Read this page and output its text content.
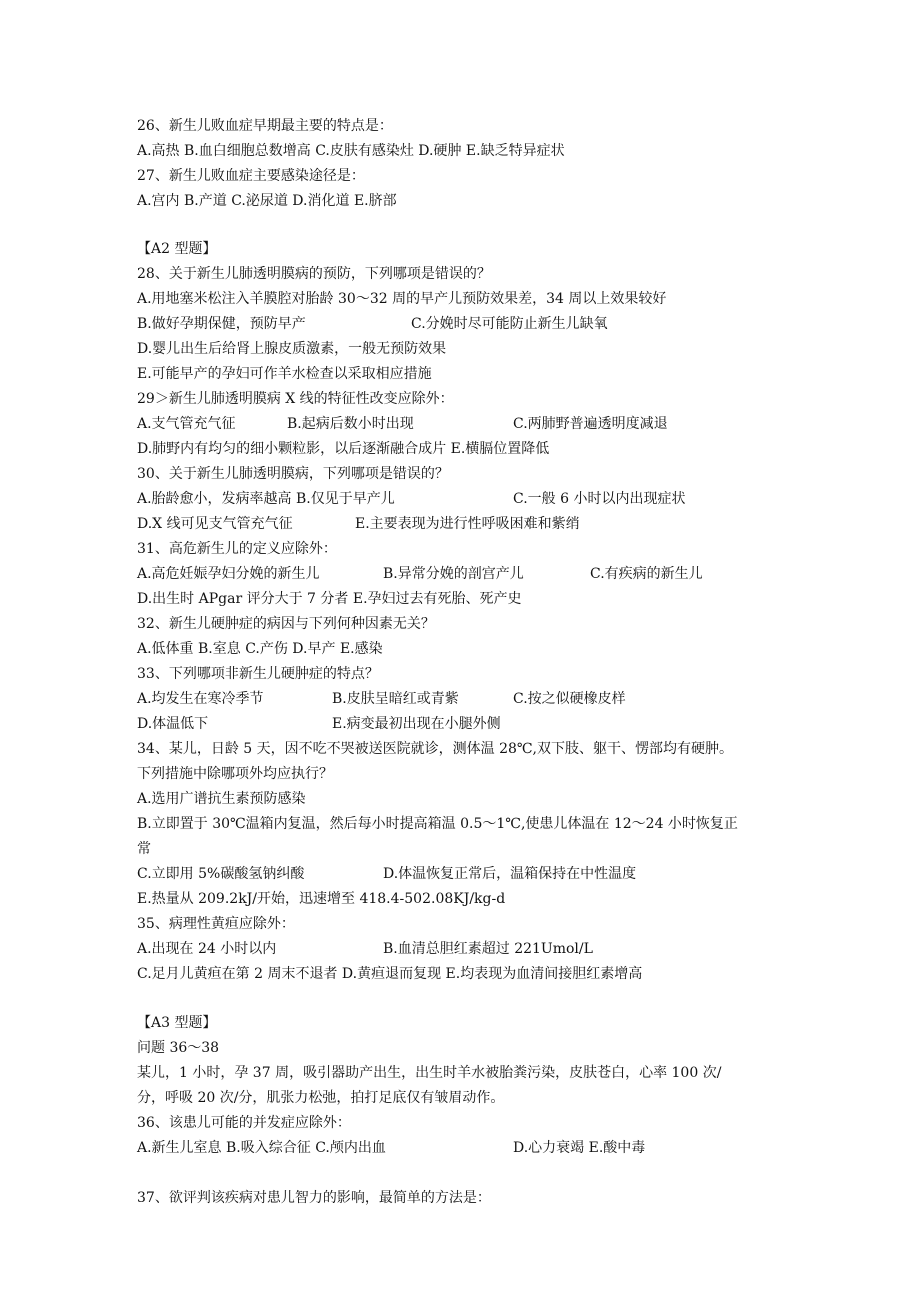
26、新生儿败血症早期最主要的特点是：
A.高热 B.血白细胞总数增高 C.皮肤有感染灶 D.硬肿 E.缺乏特异症状
27、新生儿败血症主要感染途径是：
A.宫内 B.产道 C.泌尿道 D.消化道 E.脐部
【A2 型题】
28、关于新生儿肺透明膜病的预防，下列哪项是错误的？
A.用地塞米松注入羊膜腔对胎龄 30～32 周的早产儿预防效果差，34 周以上效果较好
B.做好孕期保健，预防早产	C.分娩时尽可能防止新生儿缺氧
D.婴儿出生后给肾上腺皮质激素，一般无预防效果
E.可能早产的孕妇可作羊水检查以采取相应措施
29＞新生儿肺透明膜病 X 线的特征性改变应除外：
A.支气管充气征	B.起病后数小时出现	C.两肺野普遍透明度减退
D.肺野内有均匀的细小颗粒影，以后逐渐融合成片 E.横膈位置降低
30、关于新生儿肺透明膜病，下列哪项是错误的？
A.胎龄愈小，发病率越高 B.仅见于早产儿	C.一般 6 小时以内出现症状
D.X 线可见支气管充气征	E.主要表现为进行性呼吸困难和紫绡
31、高危新生儿的定义应除外：
A.高危妊娠孕妇分娩的新生儿	B.异常分娩的剖宫产儿	C.有疾病的新生儿
D.出生时 APgar 评分大于 7 分者 E.孕妇过去有死胎、死产史
32、新生儿硬肿症的病因与下列何种因素无关？
A.低体重 B.室息 C.产伤 D.早产 E.感染
33、下列哪项非新生儿硬肿症的特点？
A.均发生在寒冷季节	B.皮肤呈暗红或青紫	C.按之似硬橡皮样
D.体温低下	E.病变最初出现在小腿外侧
34、某儿，日龄 5 天，因不吃不哭被送医院就诊，测体温 28℃,双下肢、躯干、愣部均有硬肿。
下列措施中除哪项外均应执行？
A.选用广谱抗生素预防感染
B.立即置于 30℃温箱内复温，然后每小时提高箱温 0.5～1℃,使患儿体温在 12～24 小时恢复正
常
C.立即用 5%碳酸氢钠纠酸	D.体温恢复正常后，温箱保持在中性温度
E.热量从 209.2kJ/开始，迅速增至 418.4-502.08KJ/kg-d
35、病理性黄疸应除外：
A.出现在 24 小时以内	B.血清总胆红素超过 221Umol/L
C.足月儿黄疸在第 2 周末不退者 D.黄疸退而复现 E.均表现为血清间接胆红素增高
【A3 型题】
问题 36～38
某儿，1 小时，孕 37 周，吸引器助产出生，出生时羊水被胎粪污染，皮肤苍白，心率 100 次/
分，呼吸 20 次/分，肌张力松弛，拍打足底仅有皱眉动作。
36、该患儿可能的并发症应除外：
A.新生儿室息 B.吸入综合征 C.颅内出血	D.心力衰竭 E.酸中毒
37、欲评判该疾病对患儿智力的影响，最简单的方法是：
